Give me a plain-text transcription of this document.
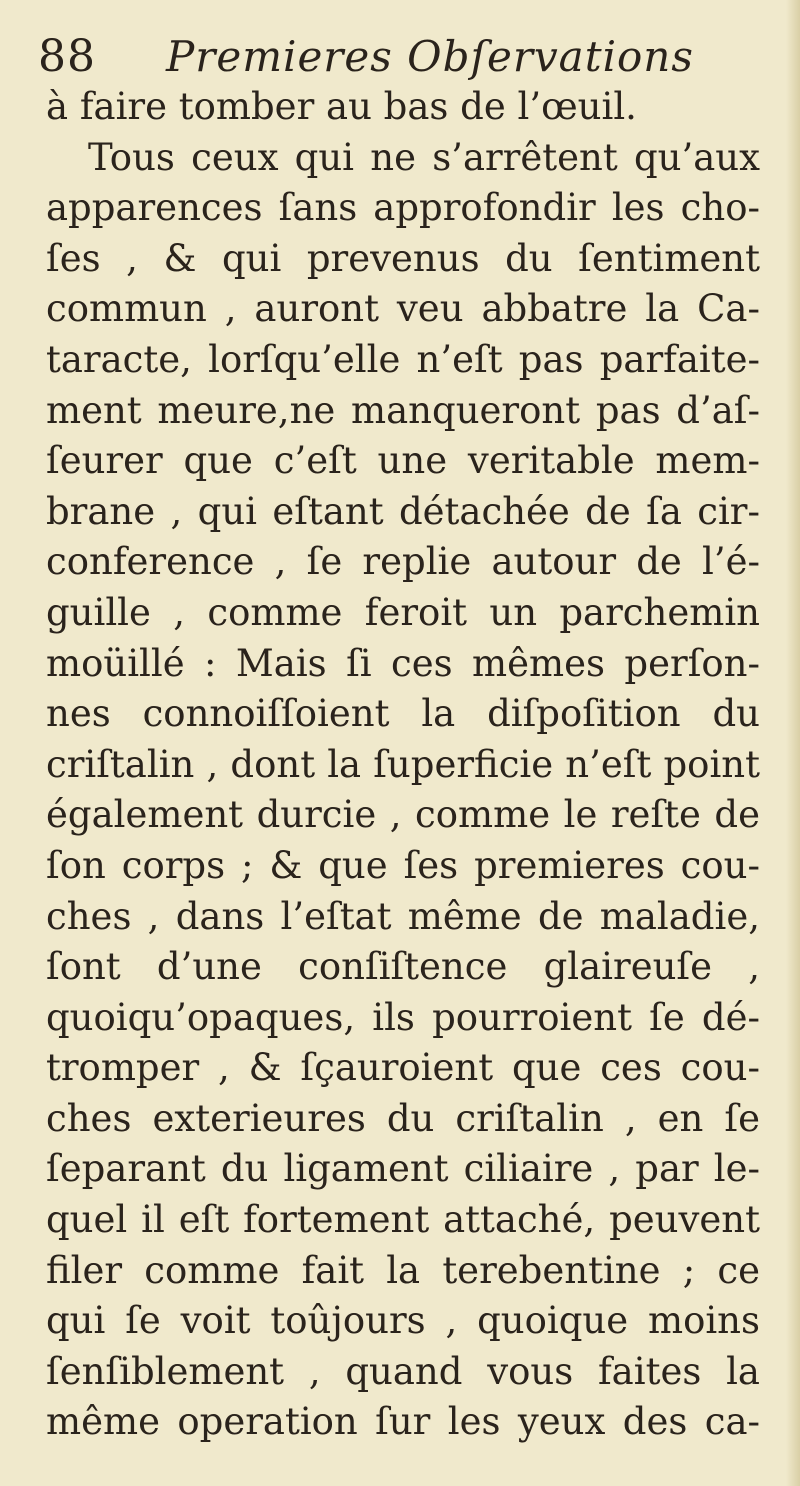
88 Premieres Obſervations
à faire tomber au bas de l’œuil.
Tous ceux qui ne s’arrêtent qu’aux
apparences ſans approfondir les cho-
ſes , & qui prevenus du ſentiment
commun , auront veu abbatre la Ca-
taracte, lorſqu’elle n’eſt pas parfaite-
ment meure,ne manqueront pas d’aſ-
ſeurer que c’eſt une veritable mem-
brane , qui eſtant détachée de ſa cir-
conference , ſe replie autour de l’é-
guille , comme feroit un parchemin
moüillé : Mais ſi ces mêmes perſon-
nes connoiſſoient la diſpoſition du
criſtalin , dont la ſuperficie n’eſt point
également durcie , comme le reſte de
ſon corps ; & que ſes premieres cou-
ches , dans l’eſtat même de maladie,
ſont d’une conſiſtence glaireuſe ,
quoiqu’opaques, ils pourroient ſe dé-
tromper , & ſçauroient que ces cou-
ches exterieures du criſtalin , en ſe
ſeparant du ligament ciliaire , par le-
quel il eſt fortement attaché, peuvent
filer comme fait la terebentine ; ce
qui ſe voit toûjours , quoique moins
ſenſiblement , quand vous faites la
même operation ſur les yeux des ca-
